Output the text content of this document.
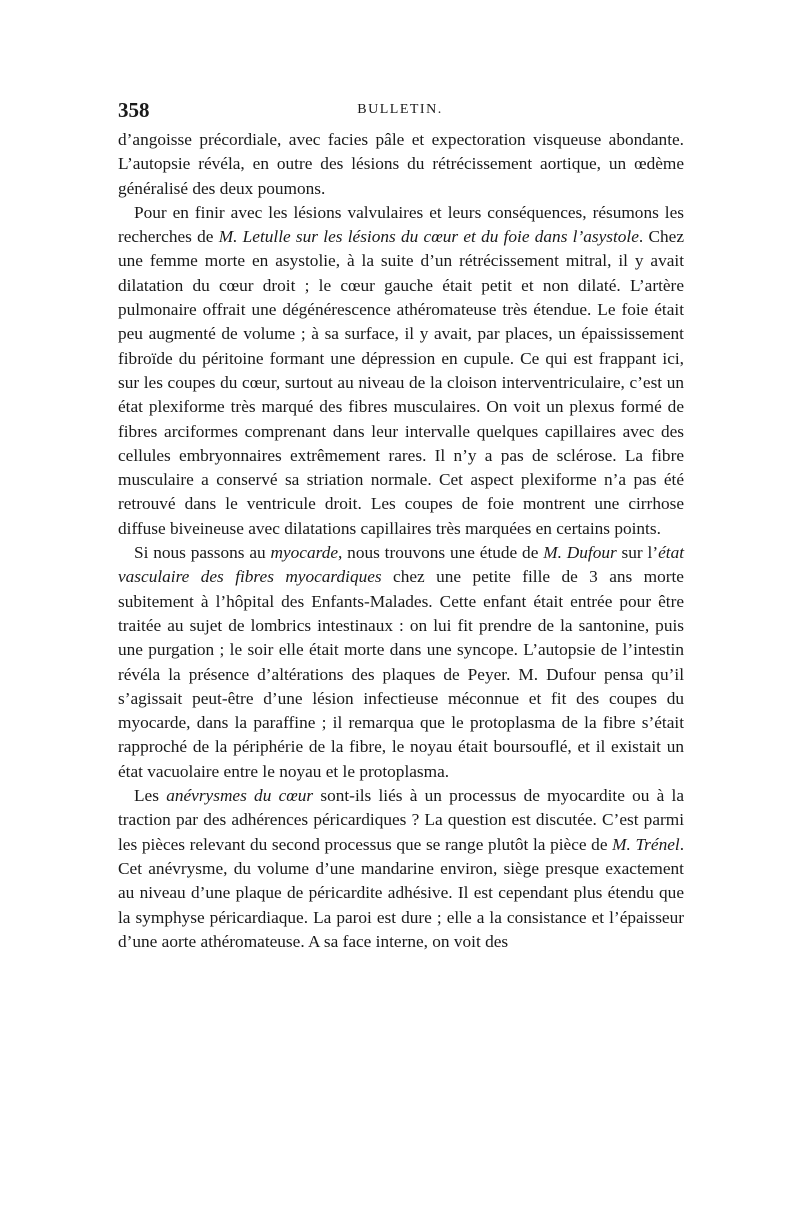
358	BULLETIN.

d’angoisse précordiale, avec facies pâle et expectoration visqueuse abondante. L’autopsie révéla, en outre des lésions du rétrécissement aortique, un œdème généralisé des deux poumons.

Pour en finir avec les lésions valvulaires et leurs conséquences, résumons les recherches de M. Letulle sur les lésions du cœur et du foie dans l’asystole. Chez une femme morte en asystolie, à la suite d’un rétrécissement mitral, il y avait dilatation du cœur droit ; le cœur gauche était petit et non dilaté. L’artère pulmonaire offrait une dégénérescence athéromateuse très étendue. Le foie était peu augmenté de volume ; à sa surface, il y avait, par places, un épaississement fibroïde du péritoine formant une dépression en cupule. Ce qui est frappant ici, sur les coupes du cœur, surtout au niveau de la cloison interventriculaire, c’est un état plexiforme très marqué des fibres musculaires. On voit un plexus formé de fibres arciformes comprenant dans leur intervalle quelques capillaires avec des cellules embryonnaires extrêmement rares. Il n’y a pas de sclérose. La fibre musculaire a conservé sa striation normale. Cet aspect plexiforme n’a pas été retrouvé dans le ventricule droit. Les coupes de foie montrent une cirrhose diffuse biveineuse avec dilatations capillaires très marquées en certains points.

Si nous passons au myocarde, nous trouvons une étude de M. Dufour sur l’état vasculaire des fibres myocardiques chez une petite fille de 3 ans morte subitement à l’hôpital des Enfants-Malades. Cette enfant était entrée pour être traitée au sujet de lombrics intestinaux : on lui fit prendre de la santonine, puis une purgation ; le soir elle était morte dans une syncope. L’autopsie de l’intestin révéla la présence d’altérations des plaques de Peyer. M. Dufour pensa qu’il s’agissait peut-être d’une lésion infectieuse méconnue et fit des coupes du myocarde, dans la paraffine ; il remarqua que le protoplasma de la fibre s’était rapproché de la périphérie de la fibre, le noyau était boursouflé, et il existait un état vacuolaire entre le noyau et le protoplasma.

Les anévrysmes du cœur sont-ils liés à un processus de myocardite ou à la traction par des adhérences péricardiques ? La question est discutée. C’est parmi les pièces relevant du second processus que se range plutôt la pièce de M. Trénel. Cet anévrysme, du volume d’une mandarine environ, siège presque exactement au niveau d’une plaque de péricardite adhésive. Il est cependant plus étendu que la symphyse péricardiaque. La paroi est dure ; elle a la consistance et l’épaisseur d’une aorte athéromateuse. A sa face interne, on voit des
